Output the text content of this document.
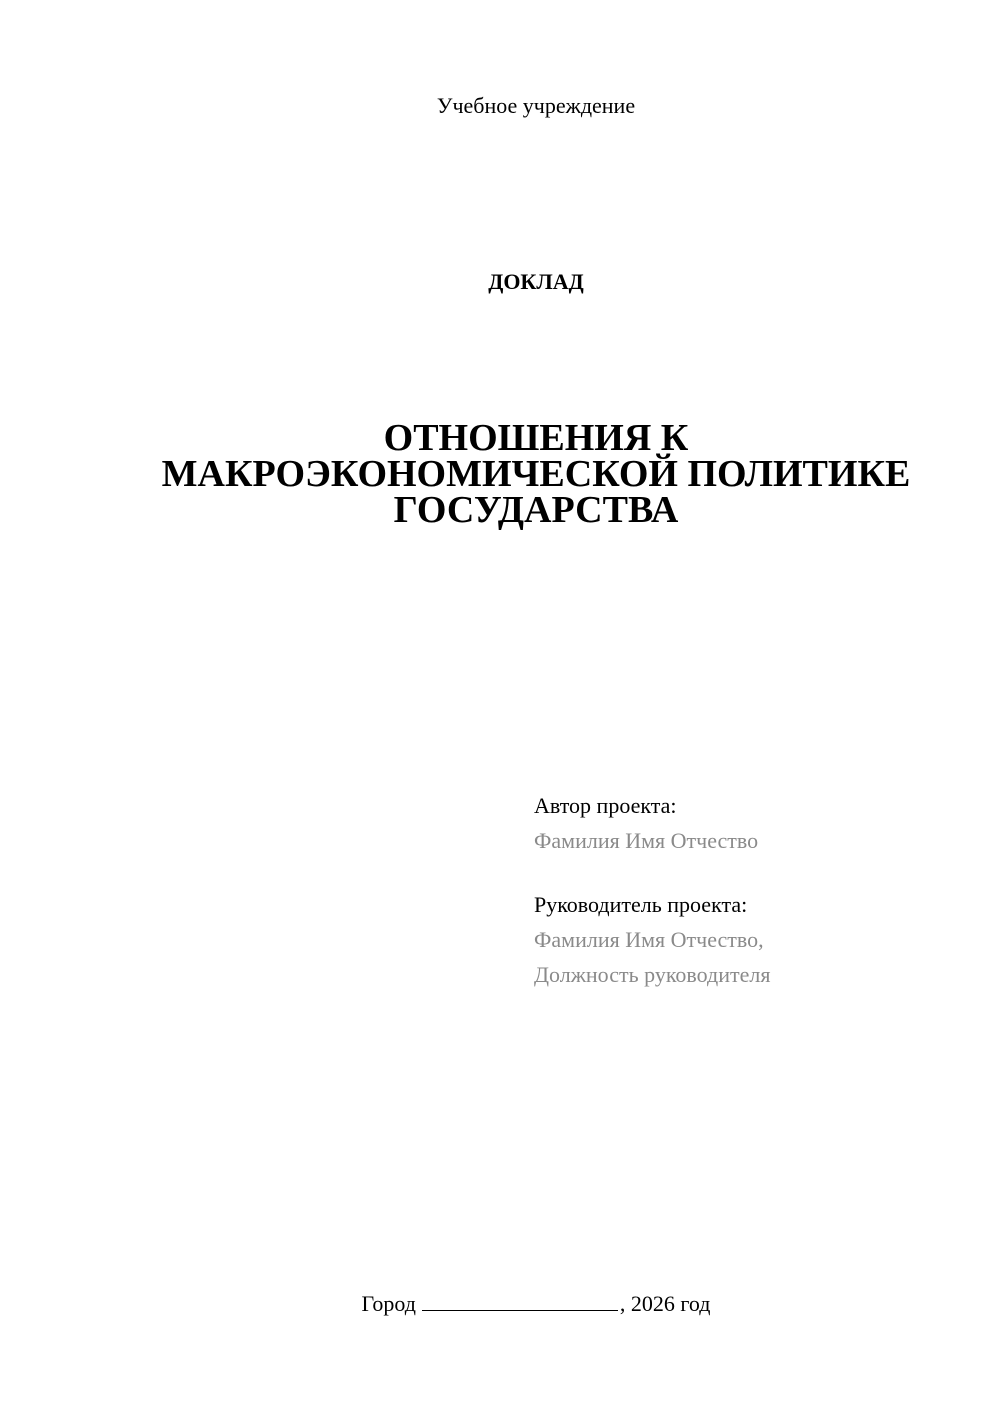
Учебное учреждение
ДОКЛАД
ОТНОШЕНИЯ К
МАКРОЭКОНОМИЧЕСКОЙ ПОЛИТИКЕ
ГОСУДАРСТВА
Автор проекта:
Фамилия Имя Отчество
Руководитель проекта:
Фамилия Имя Отчество,
Должность руководителя
Город	, 2026 год
